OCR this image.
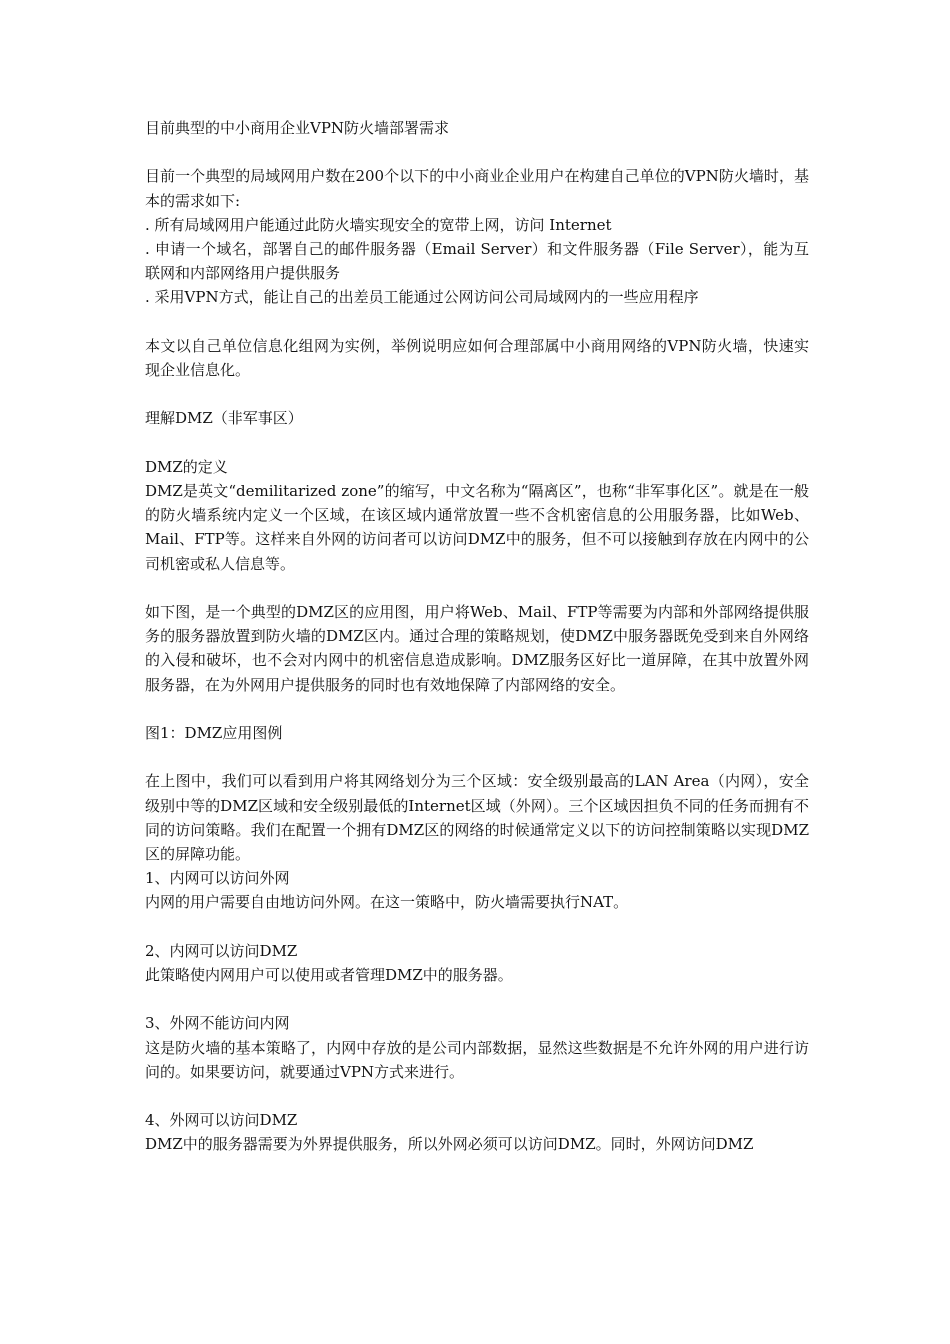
目前典型的中小商用企业VPN防火墙部署需求

目前一个典型的局域网用户数在200个以下的中小商业企业用户在构建自己单位的VPN防火墙时，基本的需求如下:

. 所有局域网用户能通过此防火墙实现安全的宽带上网，访问 Internet

. 申请一个域名，部署自己的邮件服务器（Email Server）和文件服务器（File Server），能为互联网和内部网络用户提供服务

. 采用VPN方式，能让自己的出差员工能通过公网访问公司局域网内的一些应用程序

本文以自己单位信息化组网为实例，举例说明应如何合理部属中小商用网络的VPN防火墙，快速实现企业信息化。

理解DMZ（非军事区）

DMZ的定义

DMZ是英文“demilitarized zone”的缩写，中文名称为“隔离区”，也称“非军事化区”。就是在一般的防火墙系统内定义一个区域，在该区域内通常放置一些不含机密信息的公用服务器，比如Web、Mail、FTP等。这样来自外网的访问者可以访问DMZ中的服务，但不可以接触到存放在内网中的公司机密或私人信息等。

如下图，是一个典型的DMZ区的应用图，用户将Web、Mail、FTP等需要为内部和外部网络提供服务的服务器放置到防火墙的DMZ区内。通过合理的策略规划，使DMZ中服务器既免受到来自外网络的入侵和破坏，也不会对内网中的机密信息造成影响。DMZ服务区好比一道屏障，在其中放置外网服务器，在为外网用户提供服务的同时也有效地保障了内部网络的安全。

图1：DMZ应用图例

在上图中，我们可以看到用户将其网络划分为三个区域：安全级别最高的LAN Area（内网），安全级别中等的DMZ区域和安全级别最低的Internet区域（外网）。三个区域因担负不同的任务而拥有不同的访问策略。我们在配置一个拥有DMZ区的网络的时候通常定义以下的访问控制策略以实现DMZ区的屏障功能。

1、内网可以访问外网

内网的用户需要自由地访问外网。在这一策略中，防火墙需要执行NAT。

2、内网可以访问DMZ

此策略使内网用户可以使用或者管理DMZ中的服务器。

3、外网不能访问内网

这是防火墙的基本策略了，内网中存放的是公司内部数据，显然这些数据是不允许外网的用户进行访问的。如果要访问，就要通过VPN方式来进行。

4、外网可以访问DMZ

DMZ中的服务器需要为外界提供服务，所以外网必须可以访问DMZ。同时，外网访问DMZ
